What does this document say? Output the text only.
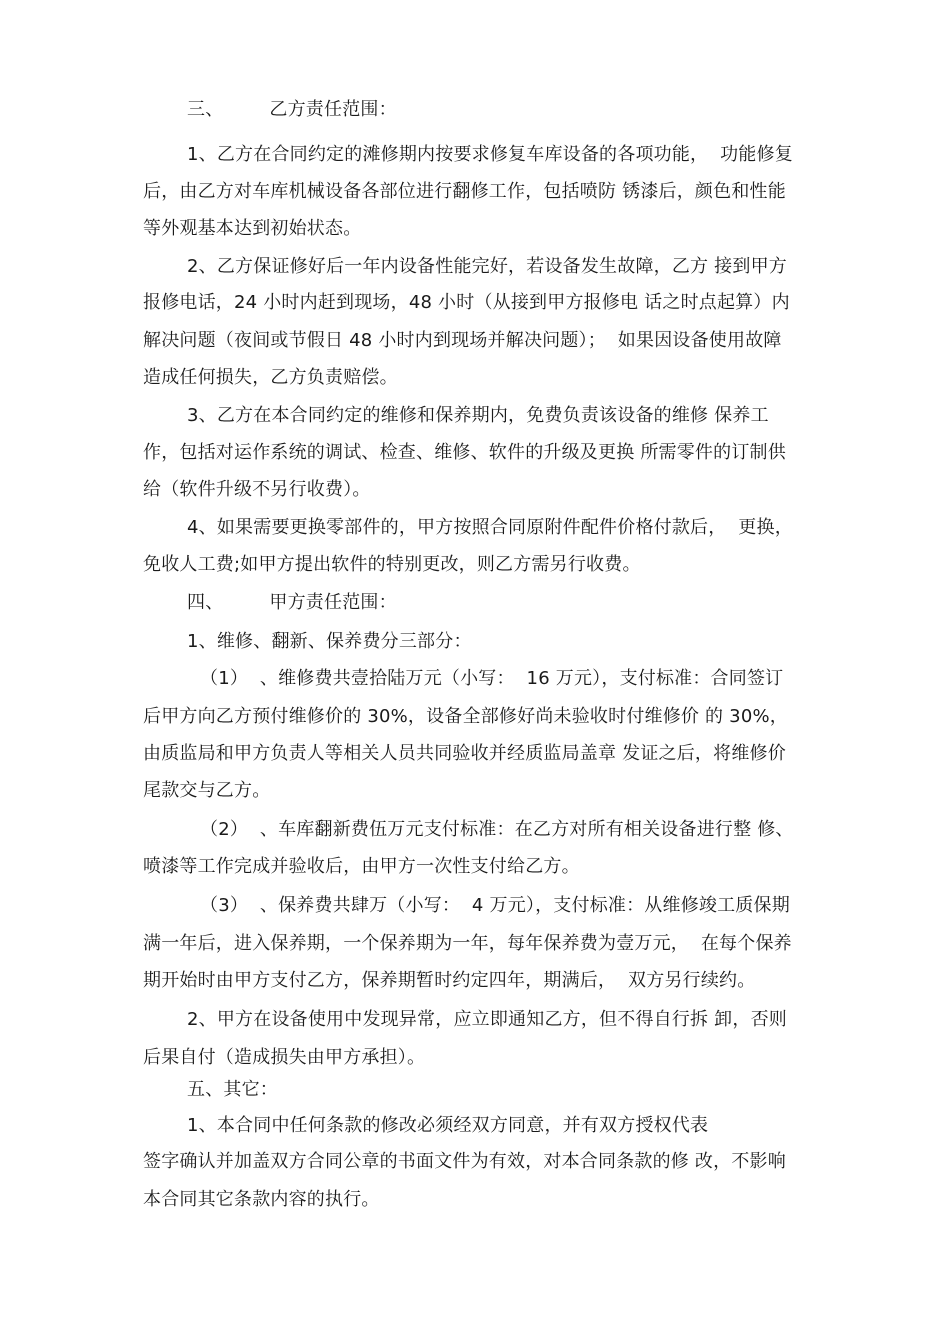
三、	乙方责任范围：
1、乙方在合同约定的滩修期内按要求修复车库设备的各项功能，  功能修复
后，由乙方对车库机械设备各部位进行翻修工作，包括喷防 锈漆后，颜色和性能
等外观基本达到初始状态。
2、乙方保证修好后一年内设备性能完好，若设备发生故障，乙方 接到甲方
报修电话，24 小时内赶到现场，48 小时（从接到甲方报修电 话之时点起算）内
解决问题（夜间或节假日 48 小时内到现场并解决问题）；  如果因设备使用故障
造成任何损失，乙方负责赔偿。
3、乙方在本合同约定的维修和保养期内，免费负责该设备的维修 保养工
作，包括对运作系统的调试、检查、维修、软件的升级及更换 所需零件的订制供
给（软件升级不另行收费）。
4、如果需要更换零部件的，甲方按照合同原附件配件价格付款后，  更换，
免收人工费;如甲方提出软件的特别更改，则乙方需另行收费。
四、	甲方责任范围：
1、维修、翻新、保养费分三部分：
（1）  、维修费共壹拾陆万元（小写：  16 万元），支付标准：合同签订
后甲方向乙方预付维修价的 30%，设备全部修好尚未验收时付维修价 的 30%，
由质监局和甲方负责人等相关人员共同验收并经质监局盖章 发证之后，将维修价
尾款交与乙方。
（2）  、车库翻新费伍万元支付标准：在乙方对所有相关设备进行整 修、
喷漆等工作完成并验收后，由甲方一次性支付给乙方。
（3）  、保养费共肆万（小写：  4 万元），支付标准：从维修竣工质保期
满一年后，进入保养期，一个保养期为一年，每年保养费为壹万元，  在每个保养
期开始时由甲方支付乙方，保养期暂时约定四年，期满后，  双方另行续约。
2、甲方在设备使用中发现异常，应立即通知乙方，但不得自行拆 卸，否则
后果自付（造成损失由甲方承担）。
五、其它：
1、本合同中任何条款的修改必须经双方同意，并有双方授权代表
签字确认并加盖双方合同公章的书面文件为有效，对本合同条款的修 改，不影响
本合同其它条款内容的执行。
